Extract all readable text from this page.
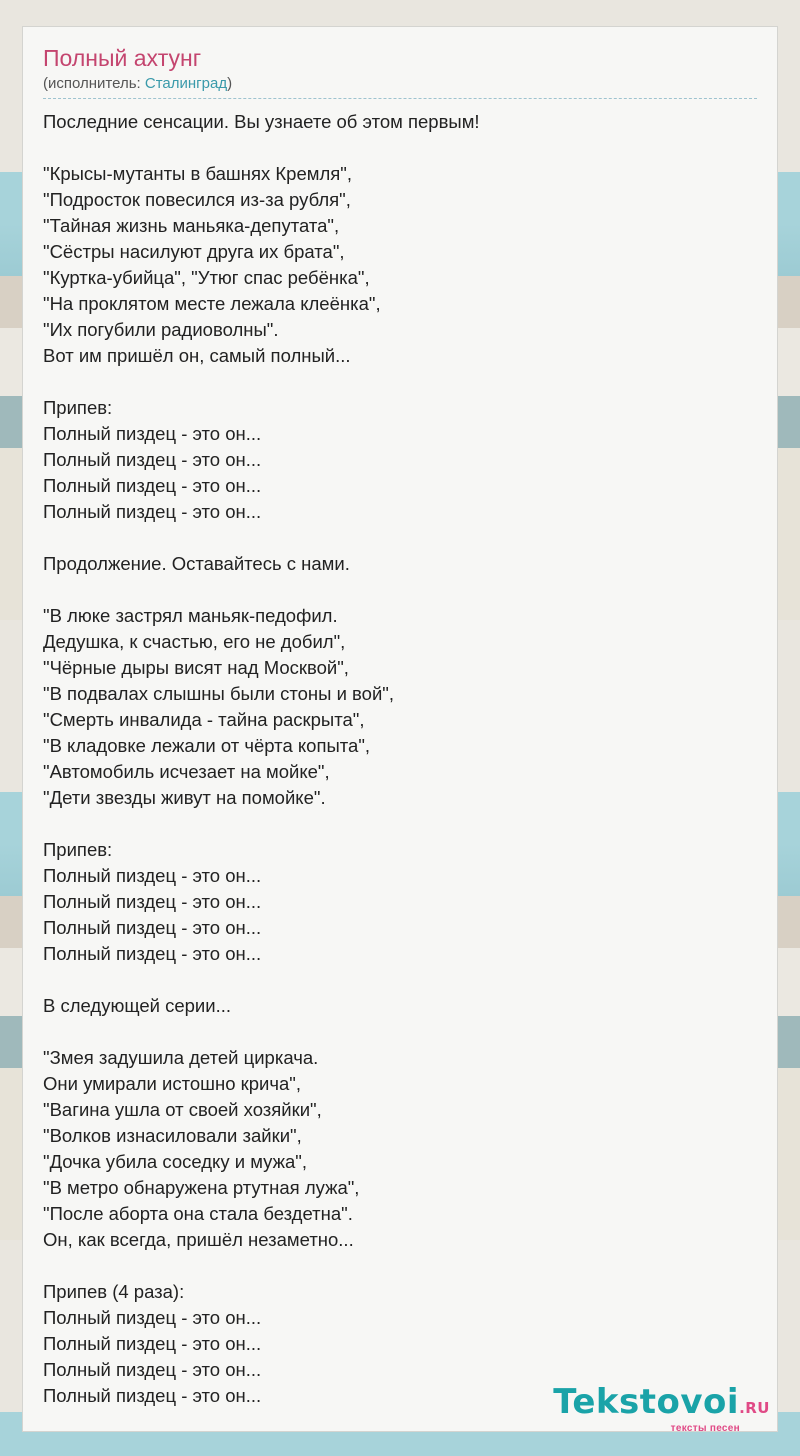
Полный ахтунг
(исполнитель: Сталинград)
Последние сенсации. Вы узнаете об этом первым!

"Крысы-мутанты в башнях Кремля",
"Подросток повесился из-за рубля",
"Тайная жизнь маньяка-депутата",
"Сёстры насилуют друга их брата",
"Куртка-убийца", "Утюг спас ребёнка",
"На проклятом месте лежала клеёнка",
"Их погубили радиоволны".
Вот им пришёл он, самый полный...

Припев:
Полный пиздец - это он...
Полный пиздец - это он...
Полный пиздец - это он...
Полный пиздец - это он...

Продолжение. Оставайтесь с нами.

"В люке застрял маньяк-педофил.
Дедушка, к счастью, его не добил",
"Чёрные дыры висят над Москвой",
"В подвалах слышны были стоны и вой",
"Смерть инвалида - тайна раскрыта",
"В кладовке лежали от чёрта копыта",
"Автомобиль исчезает на мойке",
"Дети звезды живут на помойке".

Припев:
Полный пиздец - это он...
Полный пиздец - это он...
Полный пиздец - это он...
Полный пиздец - это он...

В следующей серии...

"Змея задушила детей циркача.
Они умирали истошно крича",
"Вагина ушла от своей хозяйки",
"Волков изнасиловали зайки",
"Дочка убила соседку и мужа",
"В метро обнаружена ртутная лужа",
"После аборта она стала бездетна".
Он, как всегда, пришёл незаметно...

Припев (4 раза):
Полный пиздец - это он...
Полный пиздец - это он...
Полный пиздец - это он...
Полный пиздец - это он...	Tekstovoi.RU
тексты песен
